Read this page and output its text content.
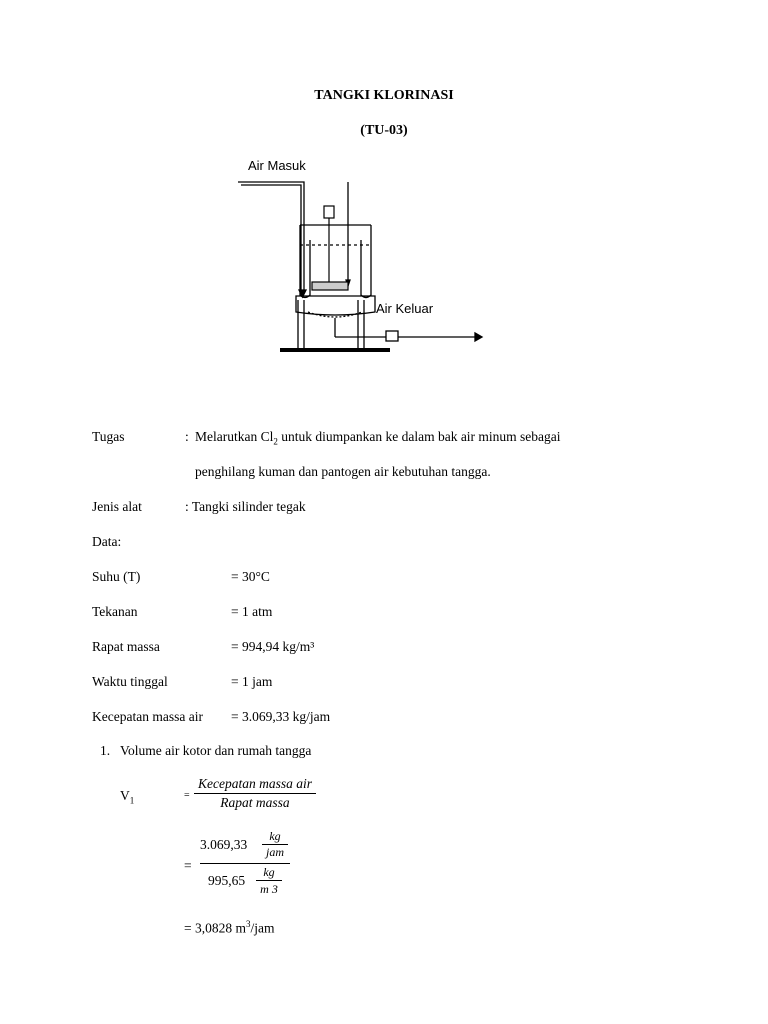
TANGKI KLORINASI
(TU-03)
Air Masuk
Air Keluar
Tugas	: Melarutkan $Cl_2$ untuk diumpankan ke dalam bak air minum sebagai
penghilang kuman dan pantogen air kebutuhan tangga.
Jenis alat	: Tangki silinder tegak
Data:
Suhu (T)	= 30°C
Tekanan	= 1 atm
Rapat massa	= 994,94 kg/m³
Waktu tinggal	= 1 jam
Kecepatan massa air = 3.069,33 kg/jam
1. Volume air kotor dan rumah tangga
$V_1$	=
Kecepatan massa air
Rapat massa
=
3.069,33
kg
jam
995,65
kg
m 3
= 3,0828 $m^3$/jam
